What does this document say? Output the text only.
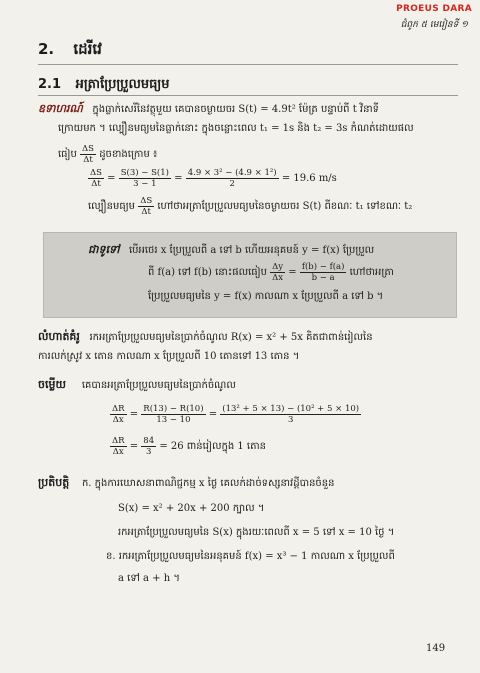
PROEUS DARA
ជំពូក ៥ មេរៀនទី ១
2. ដេរីវេ
2.1 អត្រាប្រែប្រួលមធ្យម
ឧទាហរណ៍ ក្នុងធ្លាក់សេរីនៃវត្ថុមួយ គេបានចម្ងាយចរ S(t) = 4.9t² ម៉ែត្រ បន្ទាប់ពី t វិនាទី
ក្រោយមក ។ ល្បឿនមធ្យមនៃធ្លាក់នោះ ក្នុងចន្លោះពេល t₁ = 1s និង t₂ = 3s កំណត់ដោយផល
ធៀប $\frac{\Delta S}{\Delta t}$ ដូចខាងក្រោម ៖
$\frac{\Delta S}{\Delta t} = \frac{S(3) - S(1)}{3 - 1} = \frac{\text{4.9 × 3² − (4.9 × 1²)}}{2} = 19.6$ m/s
ល្បឿនមធ្យម $\frac{\Delta S}{\Delta t}$ ហៅថាអត្រាប្រែប្រួលមធ្យមនៃចម្ងាយចរ S(t) ពីខណៈ t₁ ទៅខណៈ t₂
ជាទូទៅ បើអថេរ x ប្រែប្រួលពី a ទៅ b ហើយអនុគមន៍ y = f(x) ប្រែប្រួល
ពី f(a) ទៅ f(b) នោះផលធៀប $\frac{\Delta y}{\Delta x} = \frac{f(b) - f(a)}{b - a}$ ហៅថាអត្រា
ប្រែប្រួលមធ្យមនៃ y = f(x) កាលណា x ប្រែប្រួលពី a ទៅ b ។
លំហាត់គំរូ រកអត្រាប្រែប្រួលមធ្យមនៃប្រាក់ចំណូល R(x) = x² + 5x គិតជាពាន់រៀលនៃ
ការលក់ស្រូវ x តោន កាលណា x ប្រែប្រួលពី 10 តោនទៅ 13 តោន ។
ចម្លើយ គេបានអត្រាប្រែប្រួលមធ្យមនៃប្រាក់ចំណូល
$\frac{\Delta R}{\Delta x} = \frac{R(13) - R(10)}{13 - 10} = \frac{\text{(13² + 5 × 13) − (10² + 5 × 10)}}{3}$
$\frac{\Delta R}{\Delta x} = \frac{84}{3} = 26$ ពាន់រៀលក្នុង 1 តោន
ប្រតិបត្តិ ក. ក្នុងការឃោសនាពាណិជ្ជកម្ម x ថ្ងៃ គេលក់ដាច់ទស្សនាវដ្ដីបានចំនួន
S(x) = x² + 20x + 200 ក្បាល ។
រកអត្រាប្រែប្រួលមធ្យមនៃ S(x) ក្នុងរយៈពេលពី x = 5 ទៅ x = 10 ថ្ងៃ ។
ខ. រកអត្រាប្រែប្រួលមធ្យមនៃអនុគមន៍ f(x) = x³ − 1 កាលណា x ប្រែប្រួលពី
a ទៅ a + h ។
149
